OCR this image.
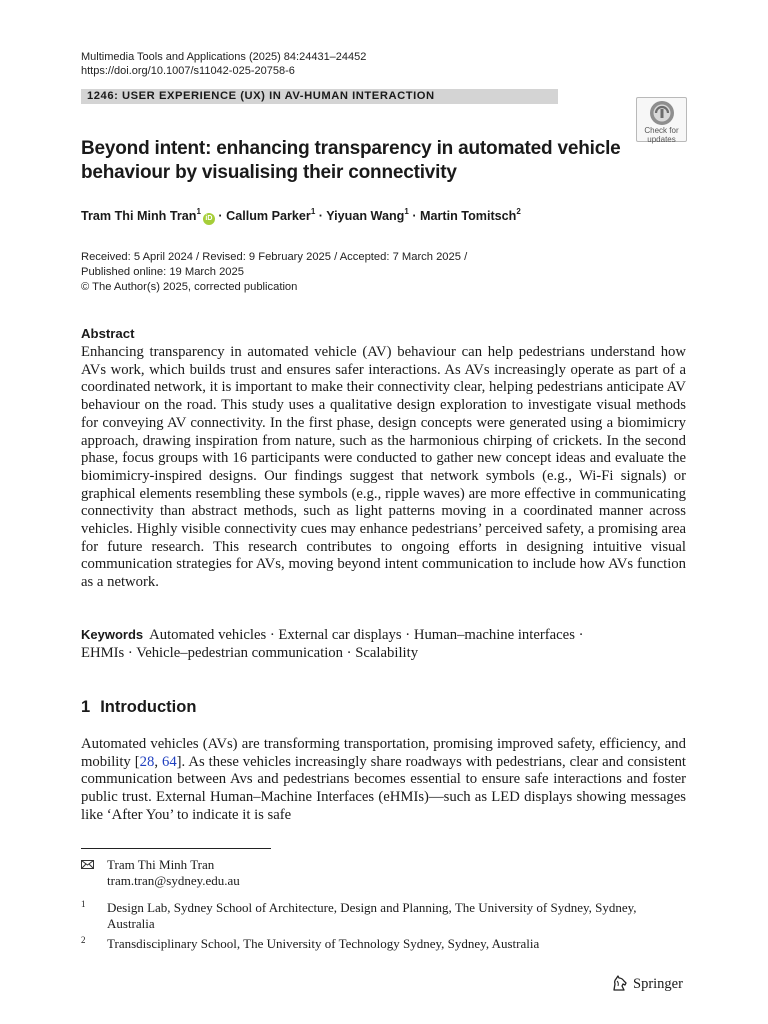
Multimedia Tools and Applications (2025) 84:24431–24452
https://doi.org/10.1007/s11042-025-20758-6
1246: USER EXPERIENCE (UX) IN AV-HUMAN INTERACTION
Check for
updates
Beyond intent: enhancing transparency in automated vehicle
behaviour by visualising their connectivity
Tram Thi Minh Tran$^1$iD · Callum Parker$^1$ · Yiyuan Wang$^1$ · Martin Tomitsch$^2$
Received: 5 April 2024 / Revised: 9 February 2025 / Accepted: 7 March 2025 /
Published online: 19 March 2025
© The Author(s) 2025, corrected publication
Abstract

Enhancing transparency in automated vehicle (AV) behaviour can help pedestrians understand how AVs work, which builds trust and ensures safer interactions. As AVs increasingly operate as part of a coordinated network, it is important to make their connectivity clear, helping pedestrians anticipate AV behaviour on the road. This study uses a qualitative design exploration to investigate visual methods for conveying AV connectivity. In the first phase, design concepts were generated using a biomimicry approach, drawing inspiration from nature, such as the harmonious chirping of crickets. In the second phase, focus groups with 16 participants were conducted to gather new concept ideas and evaluate the biomimicry-inspired designs. Our findings suggest that network symbols (e.g., Wi-Fi signals) or graphical elements resembling these symbols (e.g., ripple waves) are more effective in communicating connectivity than abstract methods, such as light patterns moving in a coordinated manner across vehicles. Highly visible connectivity cues may enhance pedestrians’ perceived safety, a promising area for future research. This research contributes to ongoing efforts in designing intuitive visual communication strategies for AVs, moving beyond intent communication to include how AVs function as a network.

Keywords Automated vehicles · External car displays · Human–machine interfaces ·
EHMIs · Vehicle–pedestrian communication · Scalability
1 Introduction

Automated vehicles (AVs) are transforming transportation, promising improved safety, efficiency, and mobility [28, 64]. As these vehicles increasingly share roadways with pedestrians, clear and consistent communication between Avs and pedestrians becomes essential to ensure safe interactions and foster public trust. External Human–Machine Interfaces (eHMIs)—such as LED displays showing messages like ‘After You’ to indicate it is safe

Tram Thi Minh Tran
tram.tran@sydney.edu.au
1 Design Lab, Sydney School of Architecture, Design and Planning, The University of Sydney, Sydney, Australia
2 Transdisciplinary School, The University of Technology Sydney, Sydney, Australia
Springer
